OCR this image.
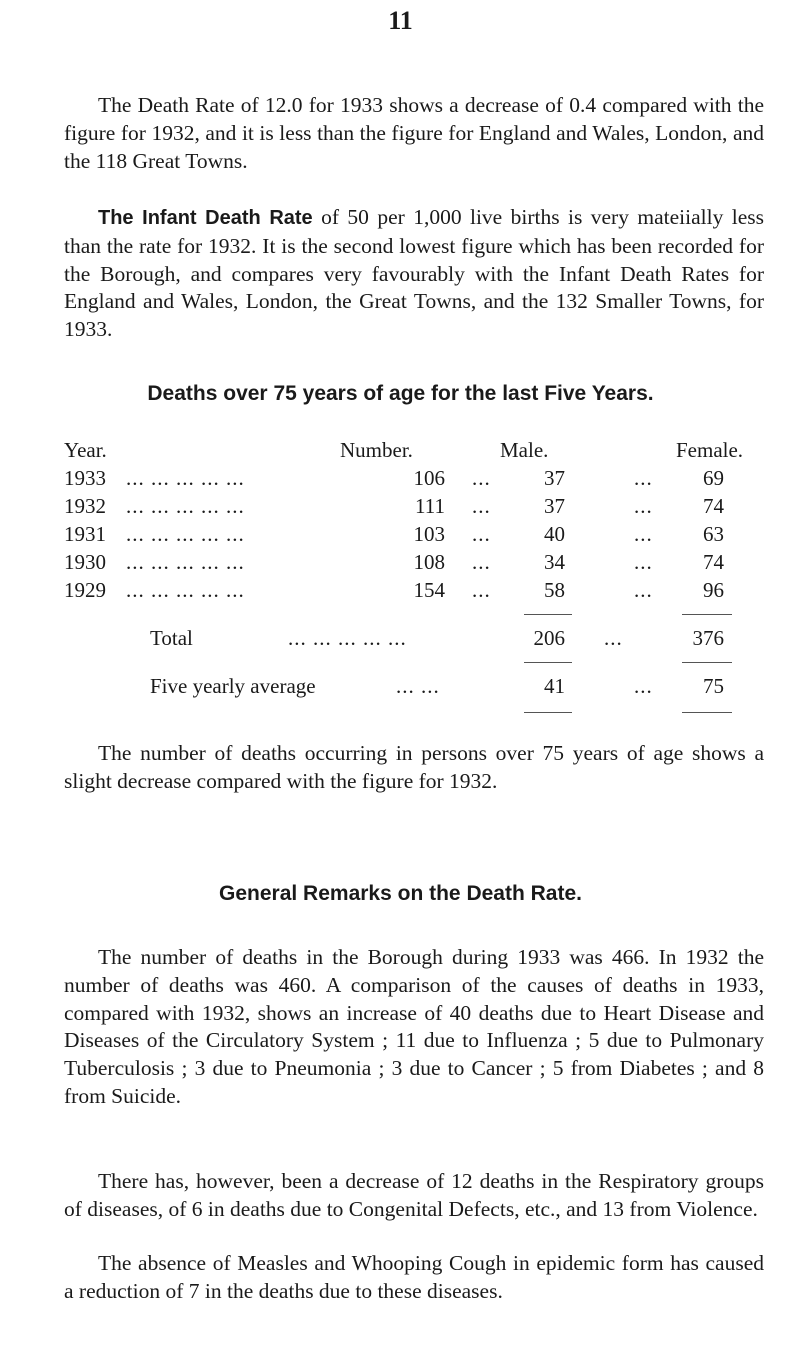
11

The Death Rate of 12.0 for 1933 shows a decrease of 0.4 compared with the figure for 1932, and it is less than the figure for England and Wales, London, and the 118 Great Towns.

The Infant Death Rate of 50 per 1,000 live births is very mateiially less than the rate for 1932. It is the second lowest figure which has been recorded for the Borough, and compares very favourably with the Infant Death Rates for England and Wales, London, the Great Towns, and the 132 Smaller Towns, for 1933.

Deaths over 75 years of age for the last Five Years.
Year.	Number.	Male.	Female.
1933 ... ... ... ... ...	106 ...	37	...	69
1932 ... ... ... ... ...	111 ...	37	...	74
1931 ... ... ... ... ...	103 ...	40	...	63
1930 ... ... ... ... ...	108 ...	34	...	74
1929 ... ... ... ... ...	154 ...	58	...	96
Total	... ... ... ... ...	206 ...	376
Five yearly average	... ...	41	...	75

The number of deaths occurring in persons over 75 years of age shows a slight decrease compared with the figure for 1932.

General Remarks on the Death Rate.

The number of deaths in the Borough during 1933 was 466. In 1932 the number of deaths was 460. A comparison of the causes of deaths in 1933, compared with 1932, shows an increase of 40 deaths due to Heart Disease and Diseases of the Circulatory System ; 11 due to Influenza ; 5 due to Pulmonary Tuberculosis ; 3 due to Pneumonia ; 3 due to Cancer ; 5 from Diabetes ; and 8 from Suicide.

There has, however, been a decrease of 12 deaths in the Respiratory groups of diseases, of 6 in deaths due to Congenital Defects, etc., and 13 from Violence.

The absence of Measles and Whooping Cough in epidemic form has caused a reduction of 7 in the deaths due to these diseases.
